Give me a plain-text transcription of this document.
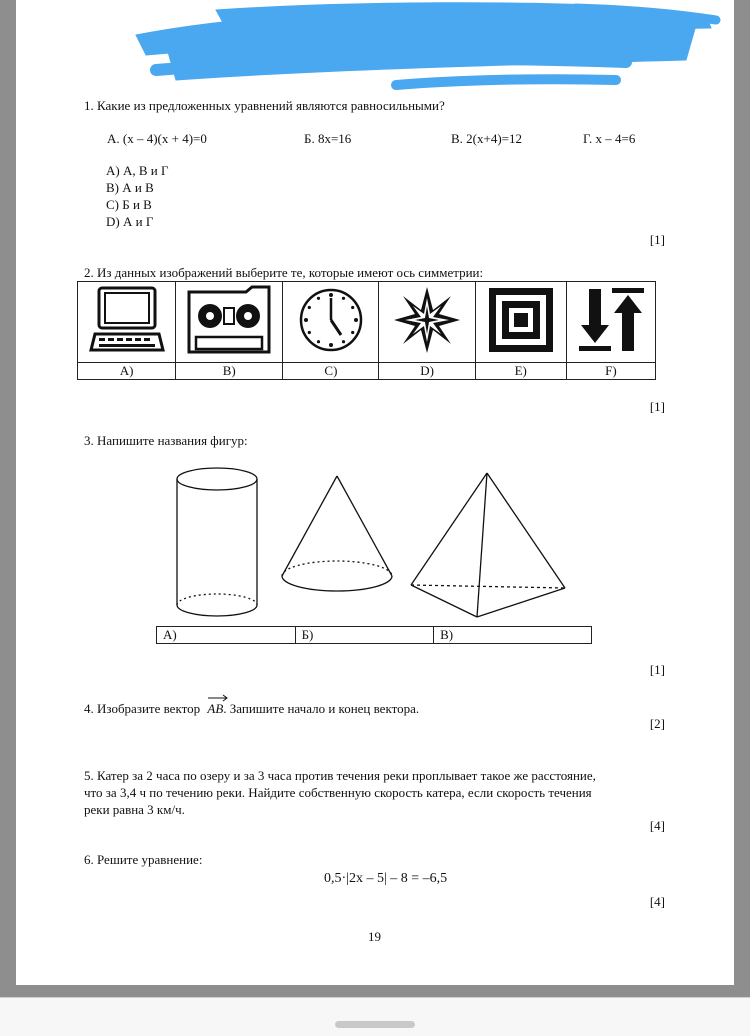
1. Какие из предложенных уравнений являются равносильными?
А. (x – 4)(x + 4)=0	Б. 8x=16	В. 2(x+4)=12	Г. x – 4=6
A) А, В и Г
B) А и В
C) Б и В
D) А и Г
[1]
2. Из данных изображений выберите те, которые имеют ось симметрии:

A)	B)	C)	D)	E)	F)
[1]
3. Напишите названия фигур:
А)	Б)	В)
[1]
4. Изобразите вектор AB. Запишите начало и конец вектора.
[2]
5. Катер за 2 часа по озеру и за 3 часа против течения реки проплывает такое же расстояние,
что за 3,4 ч по течению реки. Найдите собственную скорость катера, если скорость течения
реки равна 3 км/ч.
[4]
6. Решите уравнение:
0,5·|2x – 5| – 8 = –6,5
[4]
19
